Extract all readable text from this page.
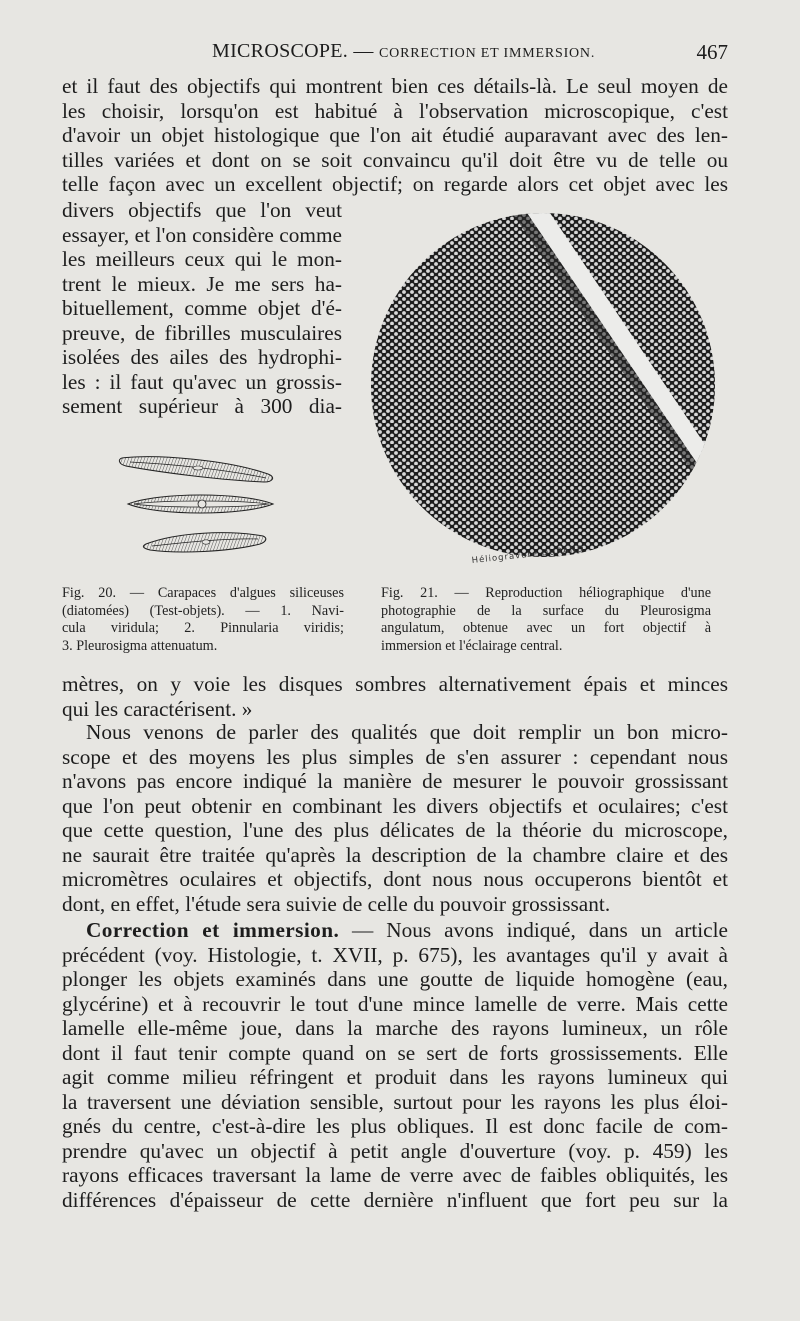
MICROSCOPE. — CORRECTION ET IMMERSION.	467
et il faut des objectifs qui montrent bien ces détails-là. Le seul moyen de
les choisir, lorsqu'on est habitué à l'observation microscopique, c'est
d'avoir un objet histologique que l'on ait étudié auparavant avec des len-
tilles variées et dont on se soit convaincu qu'il doit être vu de telle ou
telle façon avec un excellent objectif; on regarde alors cet objet avec les
divers objectifs que l'on veut
essayer, et l'on considère comme
les meilleurs ceux qui le mon-
trent le mieux. Je me sers ha-
bituellement, comme objet d'é-
preuve, de fibrilles musculaires
isolées des ailes des hydrophi-
les : il faut qu'avec un grossis-
sement supérieur à 300 dia-
Héliogravure DURAND
Fig. 20. — Carapaces d'algues siliceuses
(diatomées) (Test-objets). — 1. Navi-
cula viridula; 2. Pinnularia viridis;
3. Pleurosigma attenuatum.
Fig. 21. — Reproduction héliographique d'une
photographie de la surface du Pleurosigma
angulatum, obtenue avec un fort objectif à
immersion et l'éclairage central.
mètres, on y voie les disques sombres alternativement épais et minces
qui les caractérisent. »
Nous venons de parler des qualités que doit remplir un bon micro-
scope et des moyens les plus simples de s'en assurer : cependant nous
n'avons pas encore indiqué la manière de mesurer le pouvoir grossissant
que l'on peut obtenir en combinant les divers objectifs et oculaires; c'est
que cette question, l'une des plus délicates de la théorie du microscope,
ne saurait être traitée qu'après la description de la chambre claire et des
micromètres oculaires et objectifs, dont nous nous occuperons bientôt et
dont, en effet, l'étude sera suivie de celle du pouvoir grossissant.
Correction et immersion. — Nous avons indiqué, dans un article
précédent (voy. Histologie, t. XVII, p. 675), les avantages qu'il y avait à
plonger les objets examinés dans une goutte de liquide homogène (eau,
glycérine) et à recouvrir le tout d'une mince lamelle de verre. Mais cette
lamelle elle-même joue, dans la marche des rayons lumineux, un rôle
dont il faut tenir compte quand on se sert de forts grossissements. Elle
agit comme milieu réfringent et produit dans les rayons lumineux qui
la traversent une déviation sensible, surtout pour les rayons les plus éloi-
gnés du centre, c'est-à-dire les plus obliques. Il est donc facile de com-
prendre qu'avec un objectif à petit angle d'ouverture (voy. p. 459) les
rayons efficaces traversant la lame de verre avec de faibles obliquités, les
différences d'épaisseur de cette dernière n'influent que fort peu sur la
